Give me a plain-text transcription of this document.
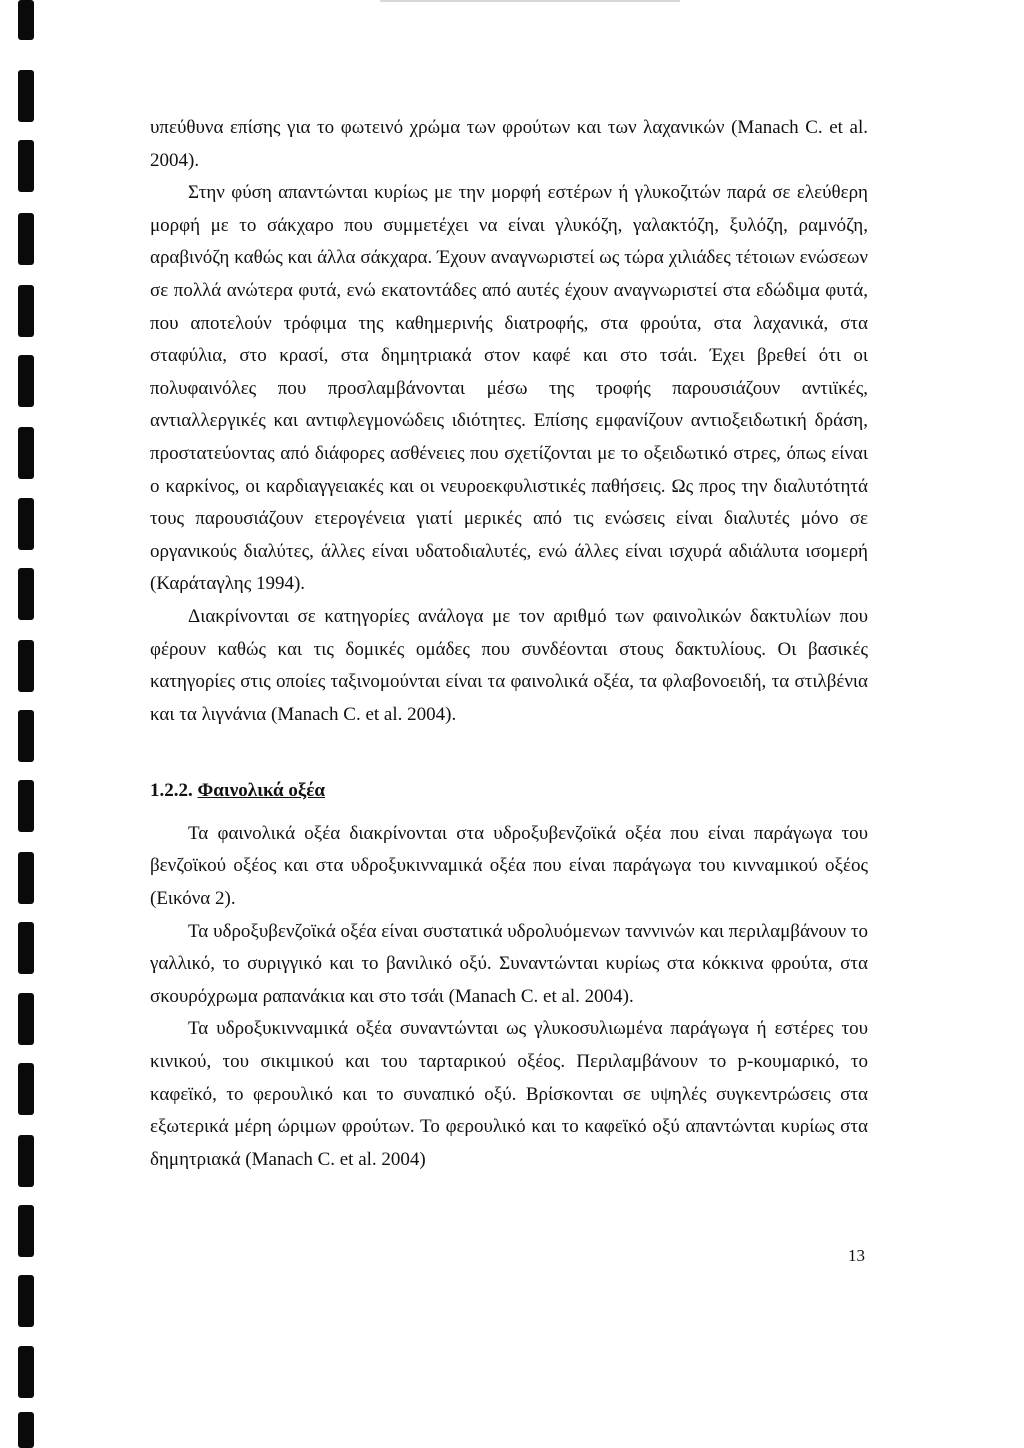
υπεύθυνα επίσης για το φωτεινό χρώμα των φρούτων και των λαχανικών (Manach C. et al. 2004).

Στην φύση απαντώνται κυρίως με την μορφή εστέρων ή γλυκοζιτών παρά σε ελεύθερη μορφή με το σάκχαρο που συμμετέχει να είναι γλυκόζη, γαλακτόζη, ξυλόζη, ραμνόζη, αραβινόζη καθώς και άλλα σάκχαρα. Έχουν αναγνωριστεί ως τώρα χιλιάδες τέτοιων ενώσεων σε πολλά ανώτερα φυτά, ενώ εκατοντάδες από αυτές έχουν αναγνωριστεί στα εδώδιμα φυτά, που αποτελούν τρόφιμα της καθημερινής διατροφής, στα φρούτα, στα λαχανικά, στα σταφύλια, στο κρασί, στα δημητριακά στον καφέ και στο τσάι. Έχει βρεθεί ότι οι πολυφαινόλες που προσλαμβάνονται μέσω της τροφής παρουσιάζουν αντιϊκές, αντιαλλεργικές και αντιφλεγμονώδεις ιδιότητες. Επίσης εμφανίζουν αντιοξειδωτική δράση, προστατεύοντας από διάφορες ασθένειες που σχετίζονται με το οξειδωτικό στρες, όπως είναι ο καρκίνος, οι καρδιαγγειακές και οι νευροεκφυλιστικές παθήσεις. Ως προς την διαλυτότητά τους παρουσιάζουν ετερογένεια γιατί μερικές από τις ενώσεις είναι διαλυτές μόνο σε οργανικούς διαλύτες, άλλες είναι υδατοδιαλυτές, ενώ άλλες είναι ισχυρά αδιάλυτα ισομερή (Καράταγλης 1994).

Διακρίνονται σε κατηγορίες ανάλογα με τον αριθμό των φαινολικών δακτυλίων που φέρουν καθώς και τις δομικές ομάδες που συνδέονται στους δακτυλίους. Οι βασικές κατηγορίες στις οποίες ταξινομούνται είναι τα φαινολικά οξέα, τα φλαβονοειδή, τα στιλβένια και τα λιγνάνια (Manach C. et al. 2004).

1.2.2. Φαινολικά οξέα

Τα φαινολικά οξέα διακρίνονται στα υδροξυβενζοϊκά οξέα που είναι παράγωγα του βενζοϊκού οξέος και στα υδροξυκινναμικά οξέα που είναι παράγωγα του κινναμικού οξέος (Εικόνα 2).

Τα υδροξυβενζοϊκά οξέα είναι συστατικά υδρολυόμενων ταννινών και περιλαμβάνουν το γαλλικό, το συριγγικό και το βανιλικό οξύ. Συναντώνται κυρίως στα κόκκινα φρούτα, στα σκουρόχρωμα ραπανάκια και στο τσάι (Manach C. et al. 2004).

Τα υδροξυκινναμικά οξέα συναντώνται ως γλυκοσυλιωμένα παράγωγα ή εστέρες του κινικού, του σικιμικού και του ταρταρικού οξέος. Περιλαμβάνουν το p-κουμαρικό, το καφεϊκό, το φερουλικό και το συναπικό οξύ. Βρίσκονται σε υψηλές συγκεντρώσεις στα εξωτερικά μέρη ώριμων φρούτων. Το φερουλικό και το καφεϊκό οξύ απαντώνται κυρίως στα δημητριακά (Manach C. et al. 2004)

13
